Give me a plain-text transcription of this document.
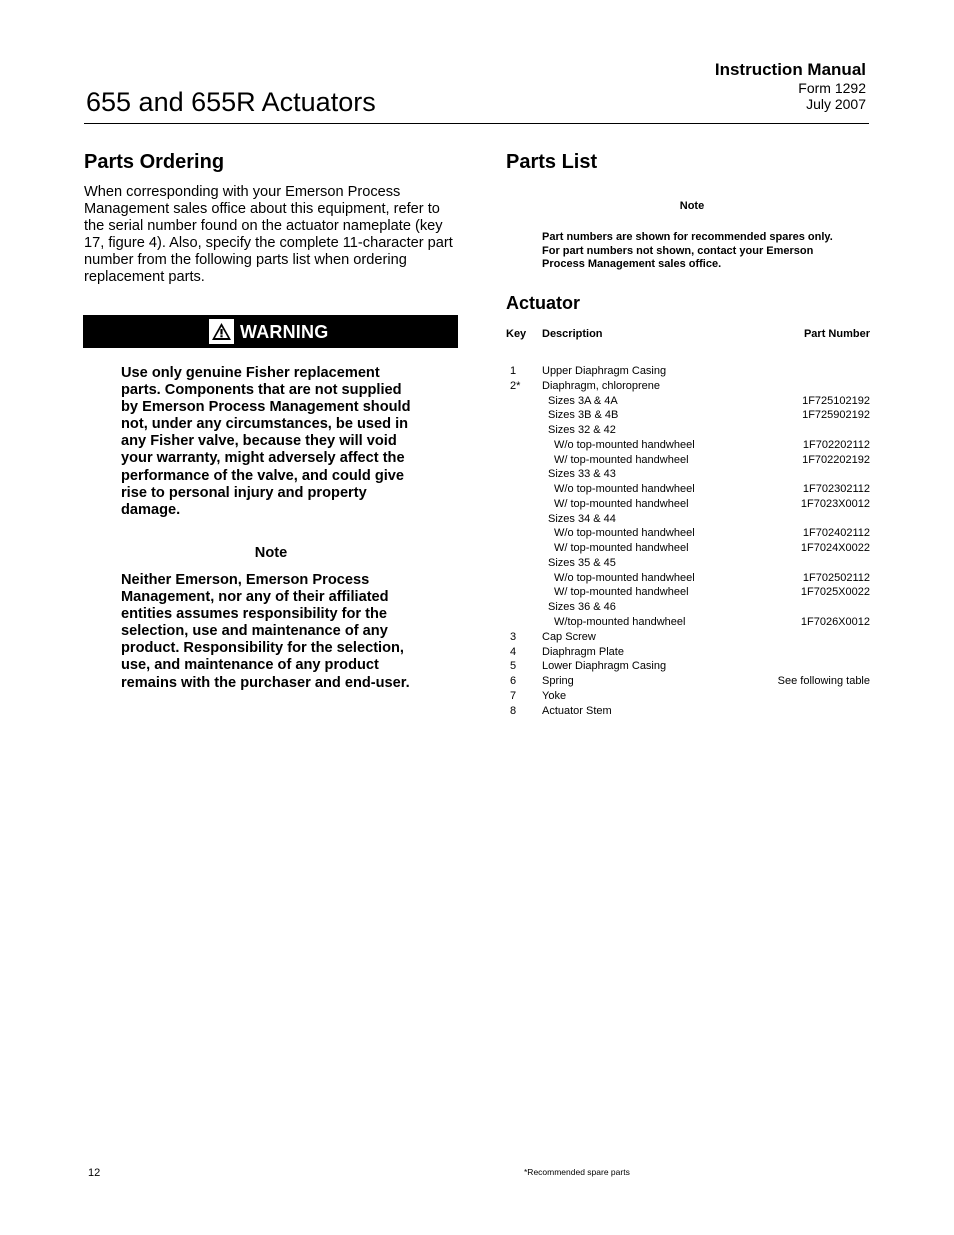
655 and 655R Actuators
Instruction Manual
Form 1292
July 2007
Parts Ordering
When corresponding with your Emerson Process Management sales office about this equipment, refer to the serial number found on the actuator nameplate (key 17, figure 4). Also, specify the complete 11-character part number from the following parts list when ordering replacement parts.
WARNING
Use only genuine Fisher replacement parts. Components that are not supplied by Emerson Process Management should not, under any circumstances, be used in any Fisher valve, because they will void your warranty, might adversely affect the performance of the valve, and could give rise to personal injury and property damage.
Note
Neither Emerson, Emerson Process Management, nor any of their affiliated entities assumes responsibility for the selection, use and maintenance of any product. Responsibility for the selection, use, and maintenance of any product remains with the purchaser and end-user.
Parts List
Note
Part numbers are shown for recommended spares only. For part numbers not shown, contact your Emerson Process Management sales office.
Actuator
Key Description	Part Number
1 Upper Diaphragm Casing
2* Diaphragm, chloroprene
Sizes 3A & 4A	1F725102192
Sizes 3B & 4B	1F725902192
Sizes 32 & 42
W/o top-mounted handwheel	1F702202112
W/ top-mounted handwheel	1F702202192
Sizes 33 & 43
W/o top-mounted handwheel	1F702302112
W/ top-mounted handwheel	1F7023X0012
Sizes 34 & 44
W/o top-mounted handwheel	1F702402112
W/ top-mounted handwheel	1F7024X0022
Sizes 35 & 45
W/o top-mounted handwheel	1F702502112
W/ top-mounted handwheel	1F7025X0022
Sizes 36 & 46
W/top-mounted handwheel	1F7026X0012
3 Cap Screw
4 Diaphragm Plate
5 Lower Diaphragm Casing
6 Spring	See following table
7 Yoke
8 Actuator Stem
12	*Recommended spare parts
